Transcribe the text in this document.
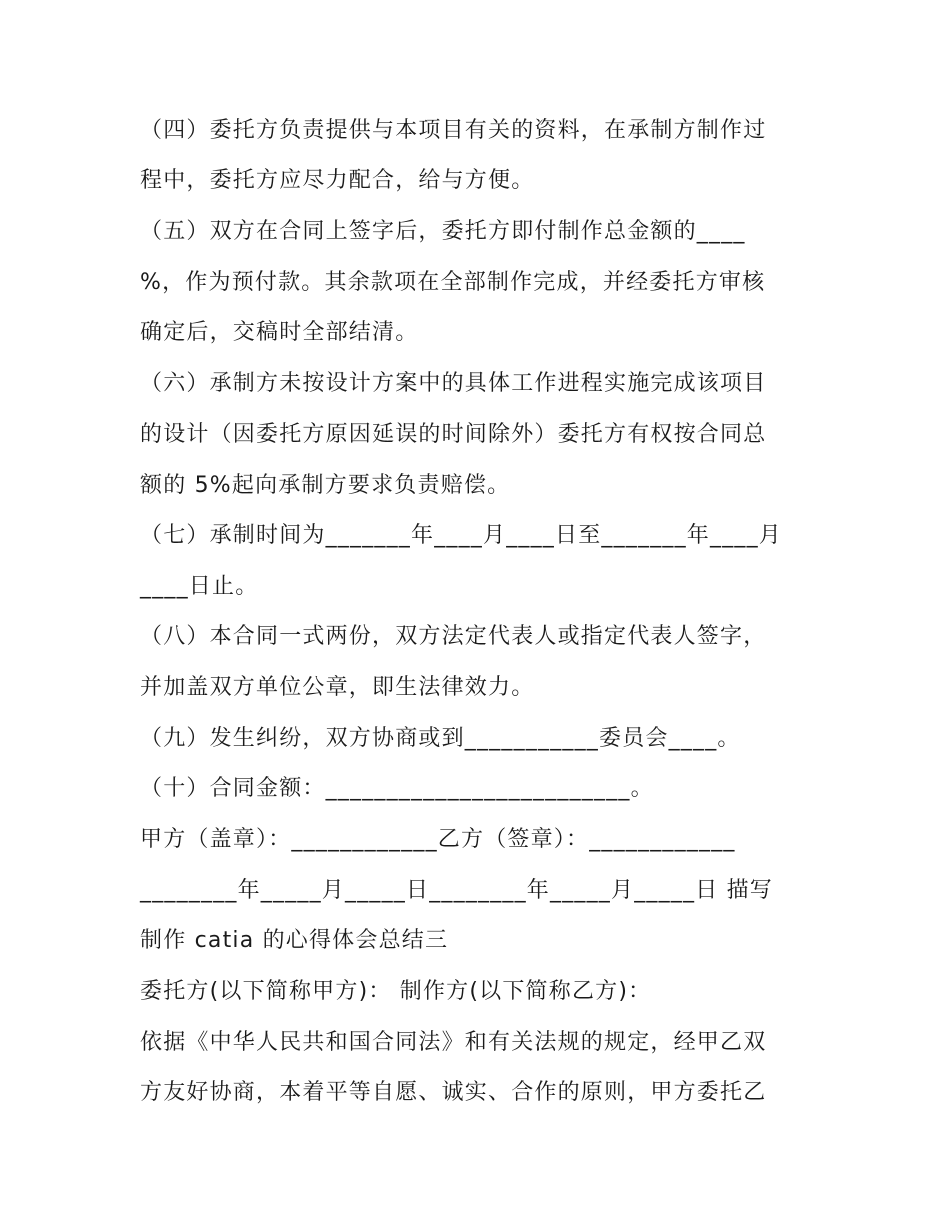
（四）委托方负责提供与本项目有关的资料，在承制方制作过
程中，委托方应尽力配合，给与方便。
（五）双方在合同上签字后，委托方即付制作总金额的____
%，作为预付款。其余款项在全部制作完成，并经委托方审核
确定后，交稿时全部结清。
（六）承制方未按设计方案中的具体工作进程实施完成该项目
的设计（因委托方原因延误的时间除外）委托方有权按合同总
额的 5%起向承制方要求负责赔偿。
（七）承制时间为_______年____月____日至_______年____月
____日止。
（八）本合同一式两份，双方法定代表人或指定代表人签字，
并加盖双方单位公章，即生法律效力。
（九）发生纠纷，双方协商或到___________委员会____。
（十）合同金额：_________________________。
甲方（盖章）：____________乙方（签章）：____________
________年_____月_____日________年_____月_____日 描写
制作 catia 的心得体会总结三
委托方(以下简称甲方)： 制作方(以下简称乙方)：
依据《中华人民共和国合同法》和有关法规的规定，经甲乙双
方友好协商，本着平等自愿、诚实、合作的原则，甲方委托乙
